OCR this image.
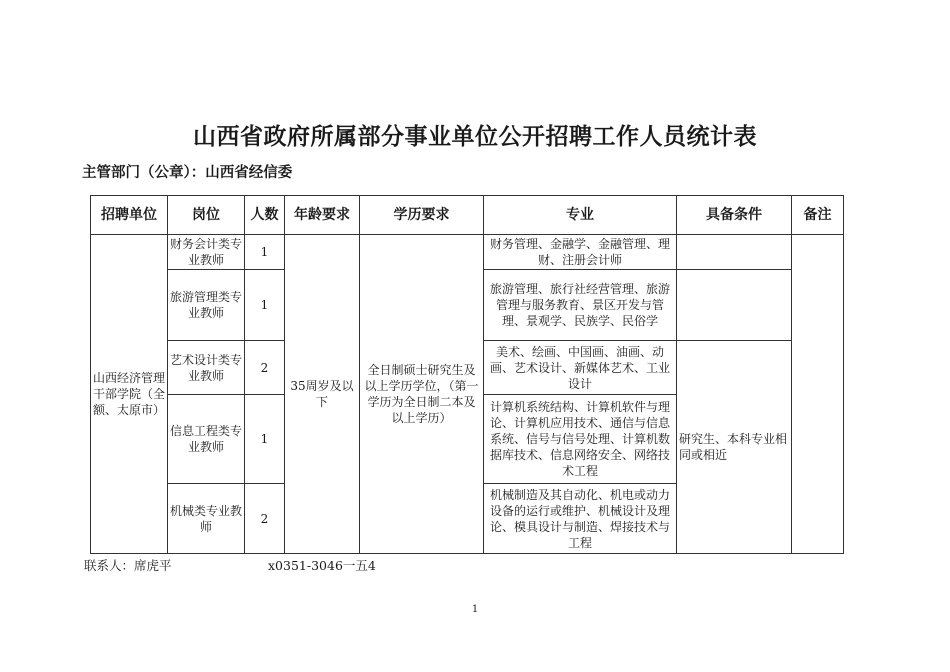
山西省政府所属部分事业单位公开招聘工作人员统计表
主管部门（公章）：山西省经信委
招聘单位	岗位	人数	年龄要求	学历要求	专业	具备条件	备注
山西经济管理干部学院（全额、太原市）	财务会计类专业教师	1	35周岁及以下	全日制硕士研究生及以上学历学位，（第一学历为全日制二本及以上学历）	财务管理、金融学、金融管理、理财、注册会计师		
	旅游管理类专业教师	1			旅游管理、旅行社经营管理、旅游管理与服务教育、景区开发与管理、景观学、民族学、民俗学		
	艺术设计类专业教师	2			美术、绘画、中国画、油画、动画、艺术设计、新媒体艺术、工业设计	研究生、本科专业相同或相近	
	信息工程类专业教师	1			计算机系统结构、计算机软件与理论、计算机应用技术、通信与信息系统、信号与信号处理、计算机数据库技术、信息网络安全、网络技术工程		
	机械类专业教师	2			机械制造及其自动化、机电或动力设备的运行或维护、机械设计及理论、模具设计与制造、焊接技术与工程		
联系人：席虎平	x0351-3046一五4
1
